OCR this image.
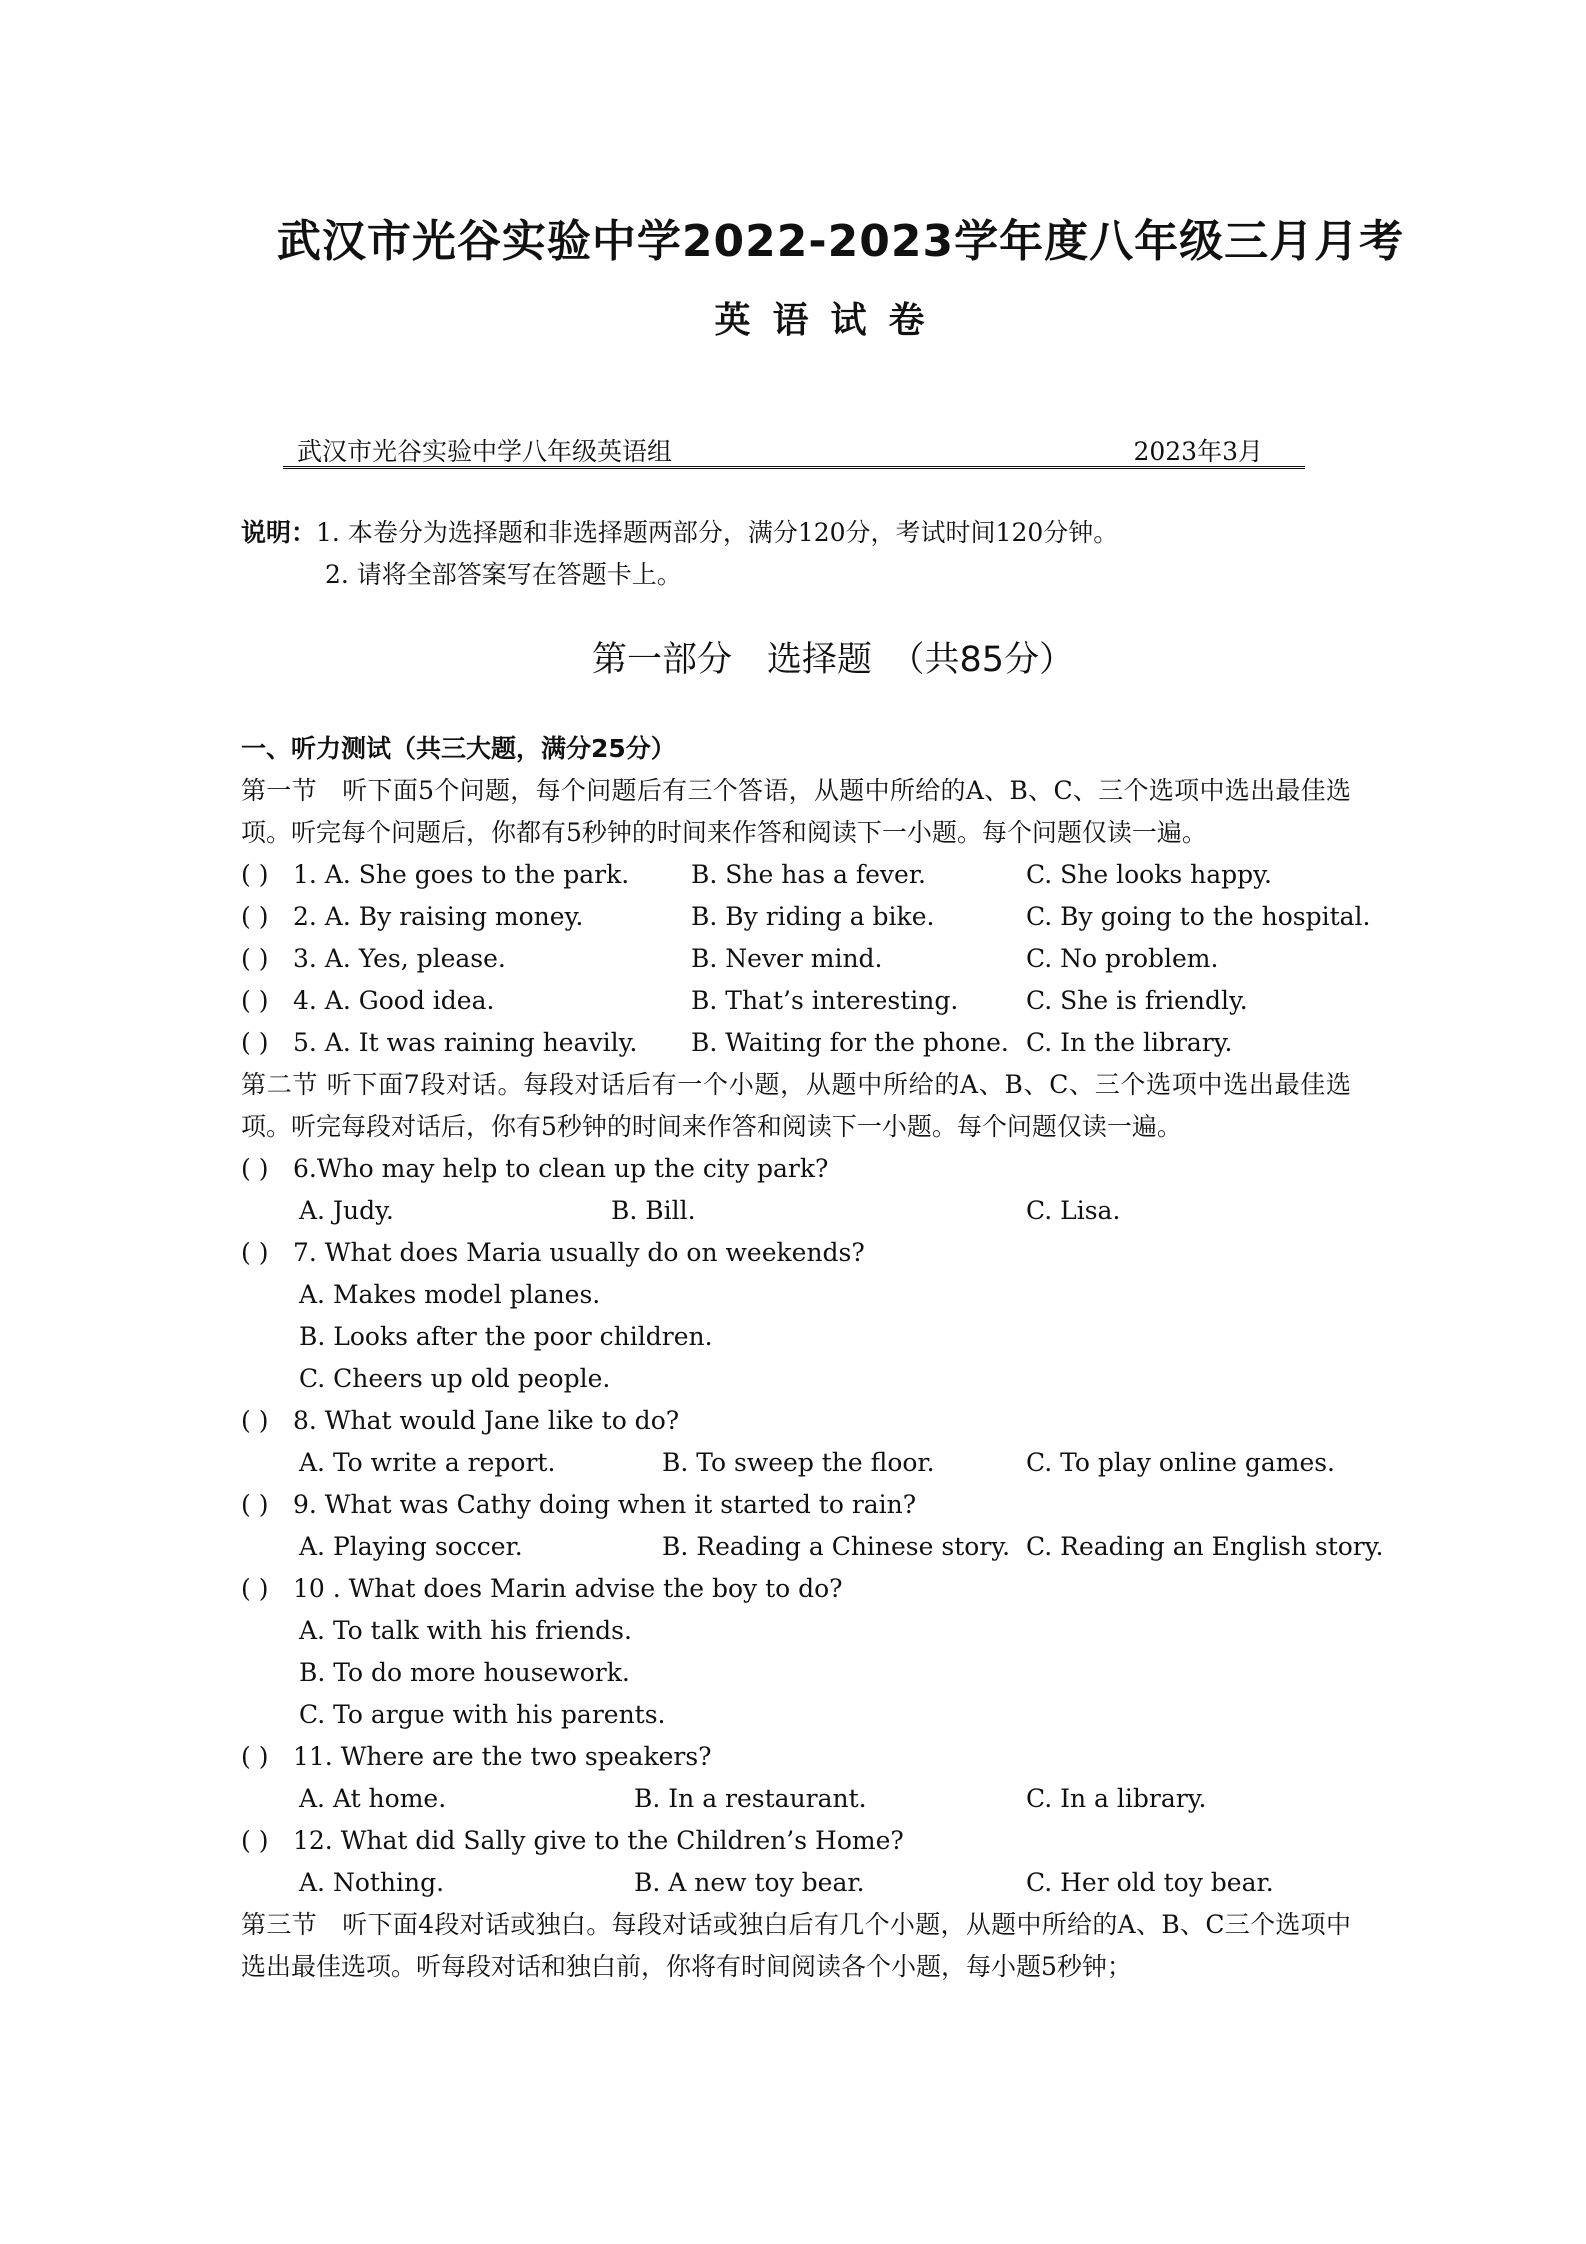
武汉市光谷实验中学2022-2023学年度八年级三月月考
英语试卷
武汉市光谷实验中学八年级英语组	2023年3月
说明：1. 本卷分为选择题和非选择题两部分，满分120分，考试时间120分钟。
2. 请将全部答案写在答题卡上。
第一部分　选择题　（共85分）
一、听力测试（共三大题，满分25分）
第一节　听下面5个问题，每个问题后有三个答语，从题中所给的A、B、C、三个选项中选出最佳选项。听完每个问题后，你都有5秒钟的时间来作答和阅读下一小题。每个问题仅读一遍。
( ) 1. A. She goes to the park. B. She has a fever.	C. She looks happy.
( ) 2. A. By raising money.	B. By riding a bike.	C. By going to the hospital.
( ) 3. A. Yes, please.	B. Never mind.	C. No problem.
( ) 4. A. Good idea.	B. That’s interesting.	C. She is friendly.
( ) 5. A. It was raining heavily. B. Waiting for the phone. C. In the library.
第二节 听下面7段对话。每段对话后有一个小题，从题中所给的A、B、C、三个选项中选出最佳选项。听完每段对话后，你有5秒钟的时间来作答和阅读下一小题。每个问题仅读一遍。
( ) 6.Who may help to clean up the city park?
A. Judy.	B. Bill.	C. Lisa.
( ) 7. What does Maria usually do on weekends?
A. Makes model planes.
B. Looks after the poor children.
C. Cheers up old people.
( ) 8. What would Jane like to do?
A. To write a report.	B. To sweep the floor.	C. To play online games.
( ) 9. What was Cathy doing when it started to rain?
A. Playing soccer.	B. Reading a Chinese story. C. Reading an English story.
( ) 10 . What does Marin advise the boy to do?
A. To talk with his friends.
B. To do more housework.
C. To argue with his parents.
( ) 11. Where are the two speakers?
A. At home.	B. In a restaurant.	C. In a library.
( ) 12. What did Sally give to the Children’s Home?
A. Nothing.	B. A new toy bear.	C. Her old toy bear.
第三节　听下面4段对话或独白。每段对话或独白后有几个小题，从题中所给的A、B、C三个选项中选出最佳选项。听每段对话和独白前，你将有时间阅读各个小题，每小题5秒钟；
